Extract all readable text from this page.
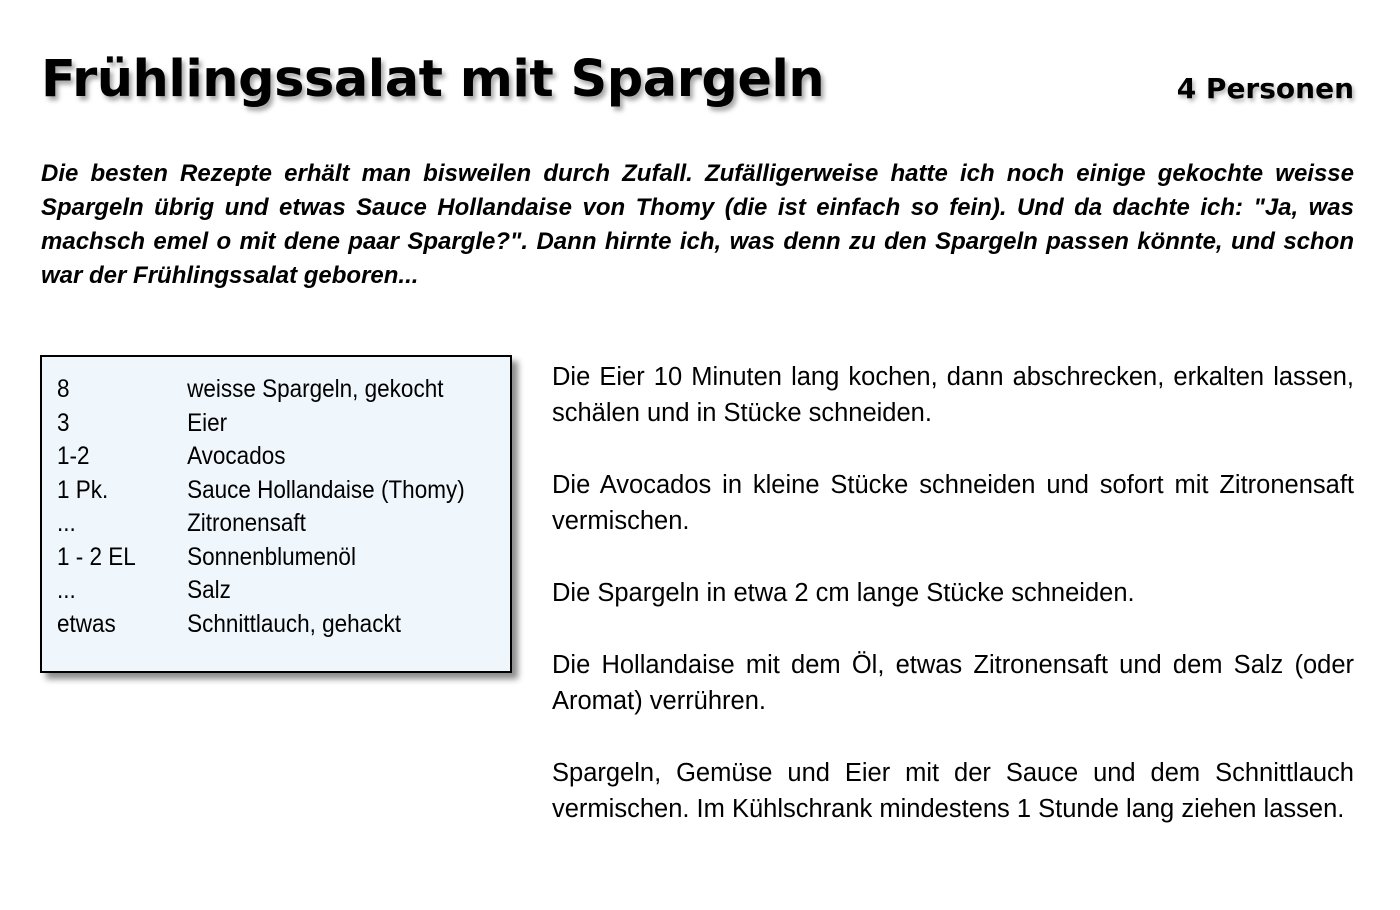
Frühlingssalat mit Spargeln	4 Personen

Die besten Rezepte erhält man bisweilen durch Zufall. Zufälligerweise hatte ich noch einige gekochte weisse Spargeln übrig und etwas Sauce Hollandaise von Thomy (die ist einfach so fein). Und da dachte ich: "Ja, was machsch emel o mit dene paar Spargle?". Dann hirnte ich, was denn zu den Spargeln passen könnte, und schon war der Frühlingssalat geboren...

8	weisse Spargeln, gekocht
3	Eier
1-2	Avocados
1 Pk.	Sauce Hollandaise (Thomy)
...	Zitronensaft
1 - 2 EL	Sonnenblumenöl
...	Salz
etwas	Schnittlauch, gehackt

Die Eier 10 Minuten lang kochen, dann abschrecken, erkalten lassen, schälen und in Stücke schneiden.

Die Avocados in kleine Stücke schneiden und sofort mit Zitronensaft vermischen.

Die Spargeln in etwa 2 cm lange Stücke schneiden.

Die Hollandaise mit dem Öl, etwas Zitronensaft und dem Salz (oder Aromat) verrühren.

Spargeln, Gemüse und Eier mit der Sauce und dem Schnittlauch vermischen. Im Kühlschrank mindestens 1 Stunde lang ziehen lassen.
